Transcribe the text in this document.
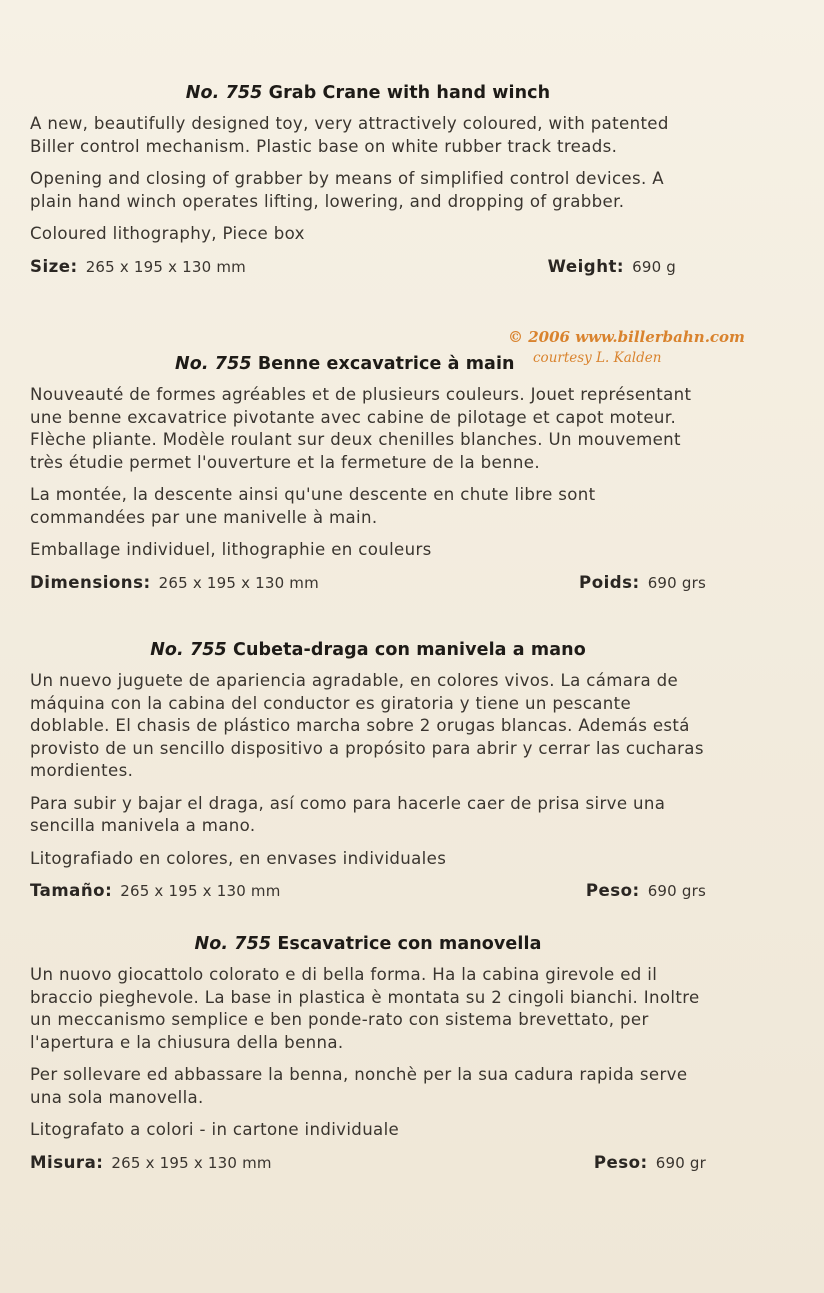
No. 755 Grab Crane with hand winch

A new, beautifully designed toy, very attractively coloured, with patented Biller control mechanism. Plastic base on white rubber track treads.

Opening and closing of grabber by means of simplified control devices. A plain hand winch operates lifting, lowering, and dropping of grabber.

Coloured lithography, Piece box

Size: 265 x 195 x 130 mm	Weight: 690 g
© 2006 www.billerbahn.com
courtesy L. Kalden
No. 755 Benne excavatrice à main

Nouveauté de formes agréables et de plusieurs couleurs. Jouet représentant une benne excavatrice pivotante avec cabine de pilotage et capot moteur. Flèche pliante. Modèle roulant sur deux chenilles blanches. Un mouvement très étudie permet l'ouverture et la fermeture de la benne.

La montée, la descente ainsi qu'une descente en chute libre sont commandées par une manivelle à main.

Emballage individuel, lithographie en couleurs

Dimensions: 265 x 195 x 130 mm	Poids: 690 grs
No. 755 Cubeta-draga con manivela a mano

Un nuevo juguete de apariencia agradable, en colores vivos. La cámara de máquina con la cabina del conductor es giratoria y tiene un pescante doblable. El chasis de plástico marcha sobre 2 orugas blancas. Además está provisto de un sencillo dispositivo a propósito para abrir y cerrar las cucharas mordientes.

Para subir y bajar el draga, así como para hacerle caer de prisa sirve una sencilla manivela a mano.

Litografiado en colores, en envases individuales

Tamaño: 265 x 195 x 130 mm	Peso: 690 grs
No. 755 Escavatrice con manovella

Un nuovo giocattolo colorato e di bella forma. Ha la cabina girevole ed il braccio pieghevole. La base in plastica è montata su 2 cingoli bianchi. Inoltre un meccanismo semplice e ben ponde-rato con sistema brevettato, per l'apertura e la chiusura della benna.

Per sollevare ed abbassare la benna, nonchè per la sua cadura rapida serve una sola manovella.

Litografato a colori - in cartone individuale

Misura: 265 x 195 x 130 mm	Peso: 690 gr
